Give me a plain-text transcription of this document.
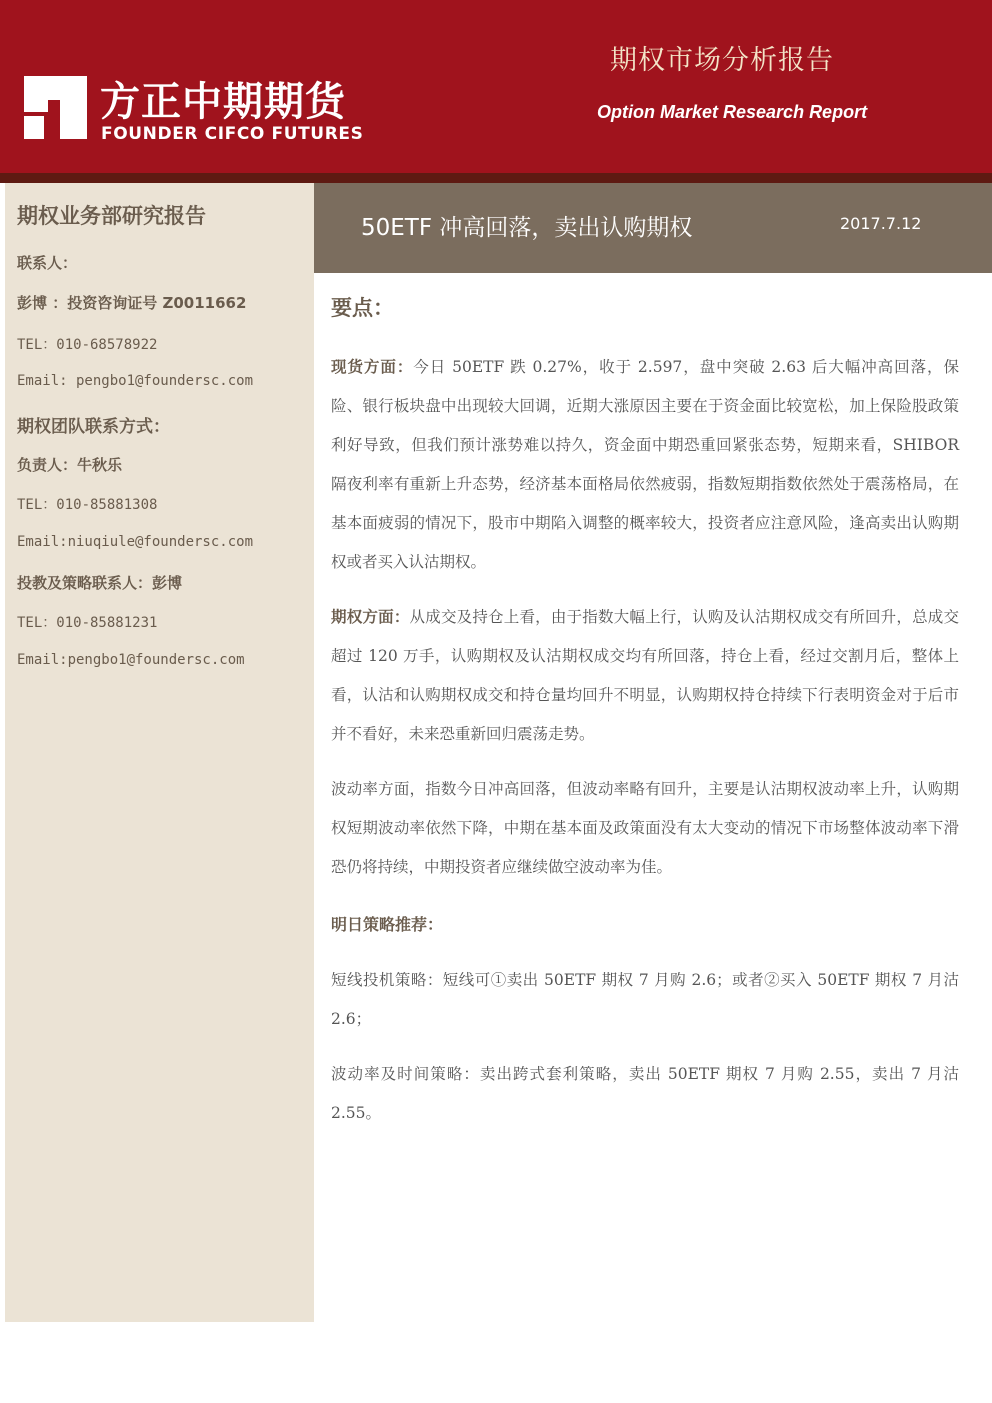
方正中期期货
FOUNDER CIFCO FUTURES
期权市场分析报告
Option Market Research Report
期权业务部研究报告
联系人：
彭博 ：投资咨询证号 Z0011662
TEL：010-68578922
Email: pengbo1@foundersc.com
期权团队联系方式：
负责人：牛秋乐
TEL：010-85881308
Email:niuqiule@foundersc.com
投教及策略联系人：彭博
TEL：010-85881231
Email:pengbo1@foundersc.com
50ETF 冲高回落，卖出认购期权	2017.7.12
要点：
现货方面：今日 50ETF 跌 0.27%，收于 2.597，盘中突破 2.63 后大幅冲高回落，保险、银行板块盘中出现较大回调，近期大涨原因主要在于资金面比较宽松，加上保险股政策利好导致，但我们预计涨势难以持久，资金面中期恐重回紧张态势，短期来看，SHIBOR 隔夜利率有重新上升态势，经济基本面格局依然疲弱，指数短期指数依然处于震荡格局，在基本面疲弱的情况下，股市中期陷入调整的概率较大，投资者应注意风险，逢高卖出认购期权或者买入认沽期权。
期权方面：从成交及持仓上看，由于指数大幅上行，认购及认沽期权成交有所回升，总成交超过 120 万手，认购期权及认沽期权成交均有所回落，持仓上看，经过交割月后，整体上看，认沽和认购期权成交和持仓量均回升不明显，认购期权持仓持续下行表明资金对于后市并不看好，未来恐重新回归震荡走势。
波动率方面，指数今日冲高回落，但波动率略有回升，主要是认沽期权波动率上升，认购期权短期波动率依然下降，中期在基本面及政策面没有太大变动的情况下市场整体波动率下滑恐仍将持续，中期投资者应继续做空波动率为佳。
明日策略推荐：
短线投机策略：短线可①卖出 50ETF 期权 7 月购 2.6；或者②买入 50ETF 期权 7 月沽 2.6；
波动率及时间策略：卖出跨式套利策略，卖出 50ETF 期权 7 月购 2.55，卖出 7 月沽 2.55。
